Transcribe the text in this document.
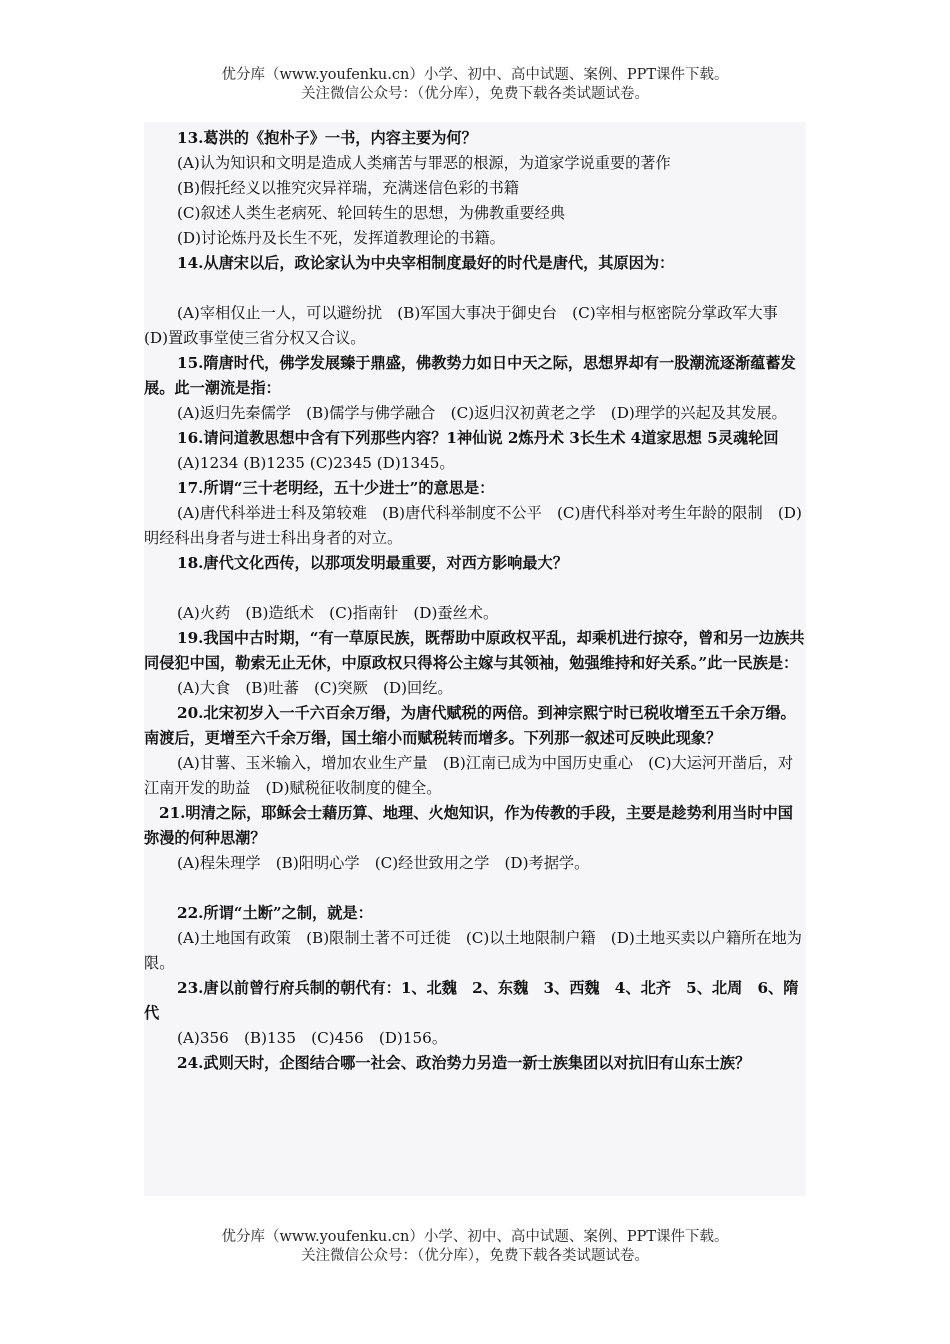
优分库（www.youfenku.cn）小学、初中、高中试题、案例、PPT课件下载。
关注微信公众号：（优分库），免费下载各类试题试卷。

13.葛洪的《抱朴子》一书，内容主要为何？

(A)认为知识和文明是造成人类痛苦与罪恶的根源，为道家学说重要的著作

(B)假托经义以推究灾异祥瑞，充满迷信色彩的书籍

(C)叙述人类生老病死、轮回转生的思想，为佛教重要经典

(D)讨论炼丹及长生不死，发挥道教理论的书籍。

14.从唐宋以后，政论家认为中央宰相制度最好的时代是唐代，其原因为：

(A)宰相仅止一人，可以避纷扰　(B)军国大事决于御史台　(C)宰相与枢密院分掌政军大事　(D)置政事堂使三省分权又合议。

15.隋唐时代，佛学发展臻于鼎盛，佛教势力如日中天之际，思想界却有一股潮流逐渐蕴蓄发展。此一潮流是指：

(A)返归先秦儒学　(B)儒学与佛学融合　(C)返归汉初黄老之学　(D)理学的兴起及其发展。

16.请问道教思想中含有下列那些内容？1神仙说 2炼丹术 3长生术 4道家思想 5灵魂轮回

(A)1234 (B)1235 (C)2345 (D)1345。

17.所谓“三十老明经，五十少进士”的意思是：

(A)唐代科举进士科及第较难　(B)唐代科举制度不公平　(C)唐代科举对考生年龄的限制　(D)明经科出身者与进士科出身者的对立。

18.唐代文化西传，以那项发明最重要，对西方影响最大？

(A)火药　(B)造纸术　(C)指南针　(D)蚕丝术。

19.我国中古时期，“有一草原民族，既帮助中原政权平乱，却乘机进行掠夺，曾和另一边族共同侵犯中国，勒索无止无休，中原政权只得将公主嫁与其领袖，勉强维持和好关系。”此一民族是：

(A)大食　(B)吐蕃　(C)突厥　(D)回纥。

20.北宋初岁入一千六百余万缗，为唐代赋税的两倍。到神宗熙宁时已税收增至五千余万缗。南渡后，更增至六千余万缗，国土缩小而赋税转而增多。下列那一叙述可反映此现象？

(A)甘薯、玉米输入，增加农业生产量　(B)江南已成为中国历史重心　(C)大运河开凿后，对江南开发的助益　(D)赋税征收制度的健全。

21.明清之际，耶稣会士藉历算、地理、火炮知识，作为传教的手段，主要是趁势利用当时中国弥漫的何种思潮？

(A)程朱理学　(B)阳明心学　(C)经世致用之学　(D)考据学。

22.所谓“土断”之制，就是：

(A)土地国有政策　(B)限制土著不可迁徙　(C)以土地限制户籍　(D)土地买卖以户籍所在地为限。

23.唐以前曾行府兵制的朝代有：1、北魏　2、东魏　3、西魏　4、北齐　5、北周　6、隋代

(A)356　(B)135　(C)456　(D)156。

24.武则天时，企图结合哪一社会、政治势力另造一新士族集团以对抗旧有山东士族？

优分库（www.youfenku.cn）小学、初中、高中试题、案例、PPT课件下载。
关注微信公众号：（优分库），免费下载各类试题试卷。
